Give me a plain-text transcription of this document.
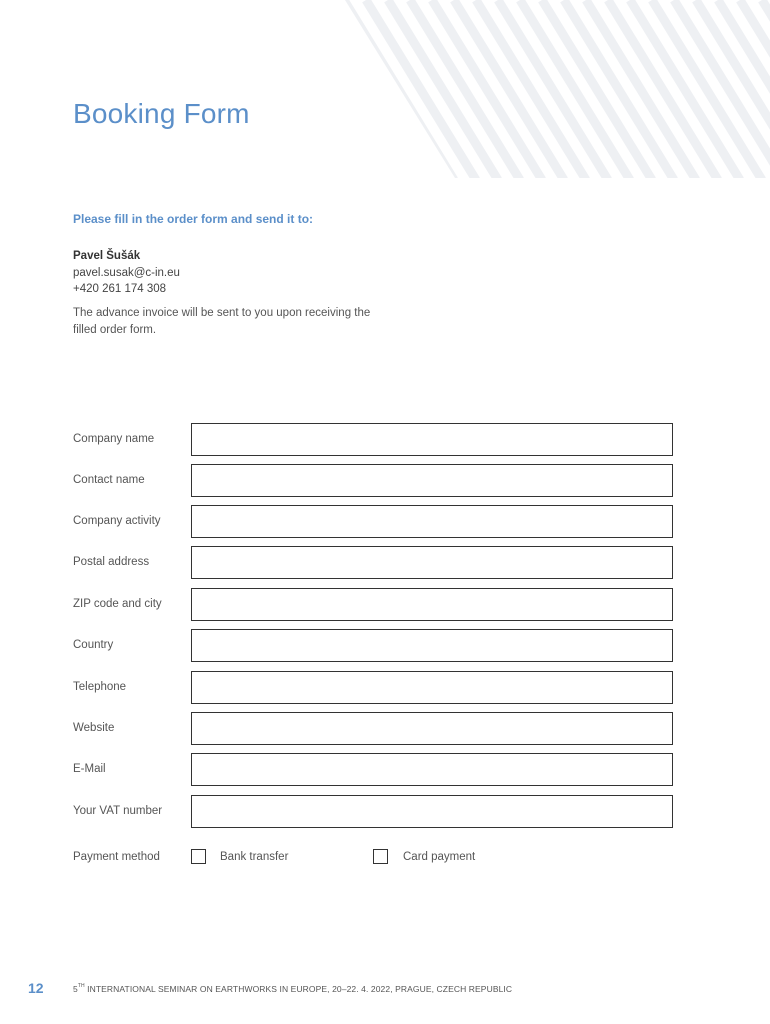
Booking Form
Please fill in the order form and send it to:
Pavel Šušák
pavel.susak@c-in.eu
+420 261 174 308
The advance invoice will be sent to you upon receiving the filled order form.
Company name
Contact name
Company activity
Postal address
ZIP code and city
Country
Telephone
Website
E-Mail
Your VAT number
Payment method	Bank transfer	Card payment
12	5TH INTERNATIONAL SEMINAR ON EARTHWORKS IN EUROPE, 20–22. 4. 2022, PRAGUE, CZECH REPUBLIC
